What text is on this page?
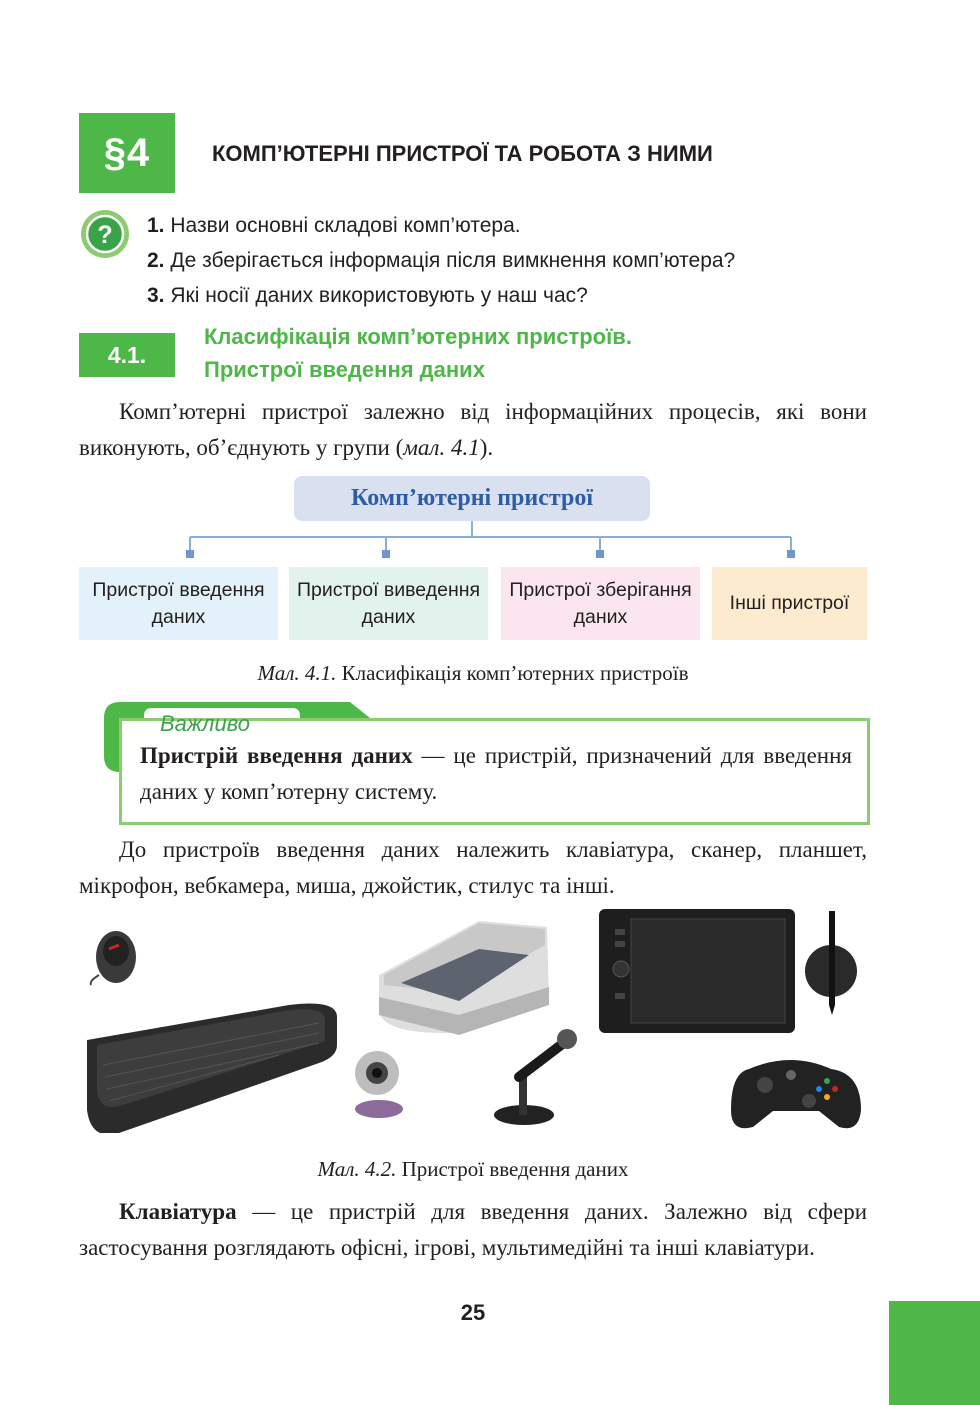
§4	КОМП’ЮТЕРНІ ПРИСТРОЇ ТА РОБОТА З НИМИ
? 1. Назви основні складові комп’ютера.
2. Де зберігається інформація після вимкнення комп’ютера?
3. Які носії даних використовують у наш час?
4.1.
Класифікація комп’ютерних пристроїв.
Пристрої введення даних
Комп’ютерні пристрої залежно від інформаційних процесів, які вони виконують, об’єднують у групи (мал. 4.1).
Комп’ютерні пристрої
Пристрої введення даних
Пристрої виведення даних
Пристрої зберігання даних
Інші пристрої
Мал. 4.1. Класифікація комп’ютерних пристроїв
Важливо
Пристрій введення даних — це пристрій, призначений для введення даних у комп’ютерну систему.
До пристроїв введення даних належить клавіатура, сканер, планшет, мікрофон, вебкамера, миша, джойстик, стилус та інші.
Мал. 4.2. Пристрої введення даних
Клавіатура — це пристрій для введення даних. Залежно від сфери застосування розглядають офісні, ігрові, мультимедійні та інші клавіатури.
25
